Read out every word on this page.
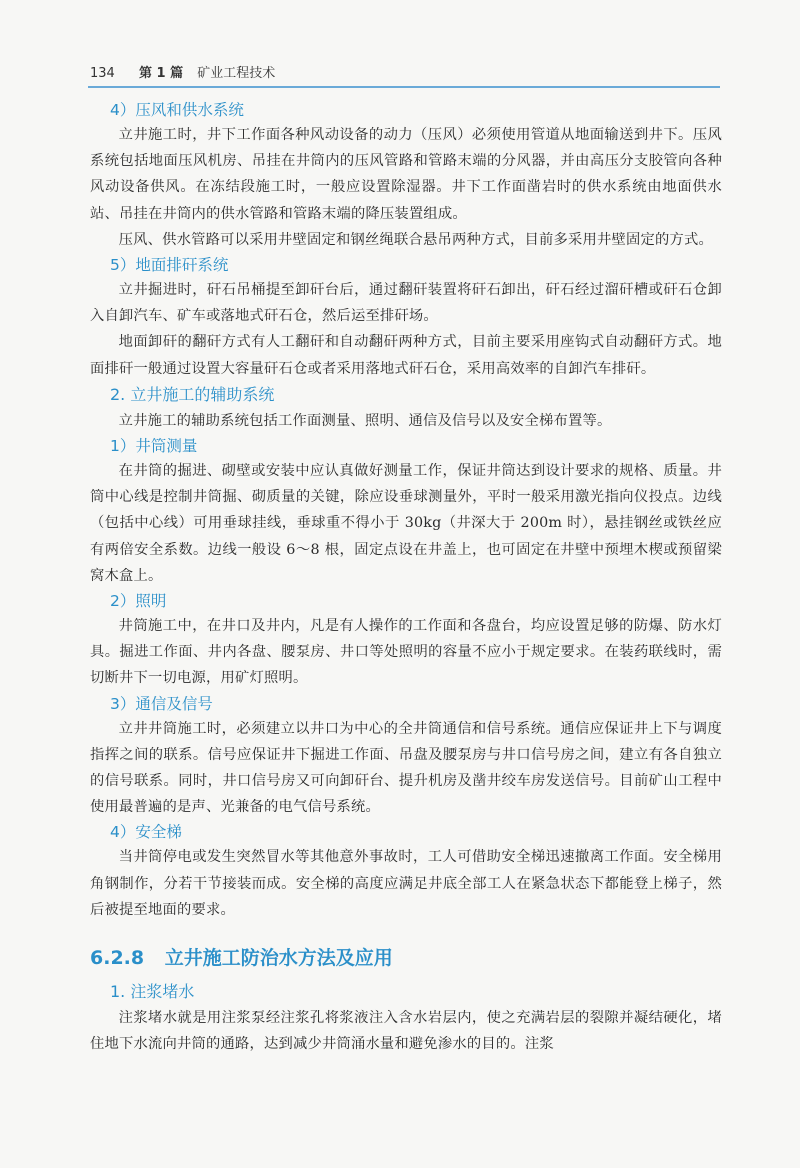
134 第 1 篇 矿业工程技术
4）压风和供水系统

立井施工时，井下工作面各种风动设备的动力（压风）必须使用管道从地面输送到井下。压风系统包括地面压风机房、吊挂在井筒内的压风管路和管路末端的分风器，并由高压分支胶管向各种风动设备供风。在冻结段施工时，一般应设置除湿器。井下工作面凿岩时的供水系统由地面供水站、吊挂在井筒内的供水管路和管路末端的降压装置组成。

压风、供水管路可以采用井壁固定和钢丝绳联合悬吊两种方式，目前多采用井壁固定的方式。

5）地面排矸系统

立井掘进时，矸石吊桶提至卸矸台后，通过翻矸装置将矸石卸出，矸石经过溜矸槽或矸石仓卸入自卸汽车、矿车或落地式矸石仓，然后运至排矸场。

地面卸矸的翻矸方式有人工翻矸和自动翻矸两种方式，目前主要采用座钩式自动翻矸方式。地面排矸一般通过设置大容量矸石仓或者采用落地式矸石仓，采用高效率的自卸汽车排矸。

2. 立井施工的辅助系统

立井施工的辅助系统包括工作面测量、照明、通信及信号以及安全梯布置等。

1）井筒测量

在井筒的掘进、砌壁或安装中应认真做好测量工作，保证井筒达到设计要求的规格、质量。井筒中心线是控制井筒掘、砌质量的关键，除应设垂球测量外，平时一般采用激光指向仪投点。边线（包括中心线）可用垂球挂线，垂球重不得小于 30kg（井深大于 200m 时），悬挂钢丝或铁丝应有两倍安全系数。边线一般设 6～8 根，固定点设在井盖上，也可固定在井壁中预埋木楔或预留梁窝木盒上。

2）照明

井筒施工中，在井口及井内，凡是有人操作的工作面和各盘台，均应设置足够的防爆、防水灯具。掘进工作面、井内各盘、腰泵房、井口等处照明的容量不应小于规定要求。在装药联线时，需切断井下一切电源，用矿灯照明。

3）通信及信号

立井井筒施工时，必须建立以井口为中心的全井筒通信和信号系统。通信应保证井上下与调度指挥之间的联系。信号应保证井下掘进工作面、吊盘及腰泵房与井口信号房之间，建立有各自独立的信号联系。同时，井口信号房又可向卸矸台、提升机房及凿井绞车房发送信号。目前矿山工程中使用最普遍的是声、光兼备的电气信号系统。

4）安全梯

当井筒停电或发生突然冒水等其他意外事故时，工人可借助安全梯迅速撤离工作面。安全梯用角钢制作，分若干节接装而成。安全梯的高度应满足井底全部工人在紧急状态下都能登上梯子，然后被提至地面的要求。

6.2.8 立井施工防治水方法及应用
1. 注浆堵水

注浆堵水就是用注浆泵经注浆孔将浆液注入含水岩层内，使之充满岩层的裂隙并凝结硬化，堵住地下水流向井筒的通路，达到减少井筒涌水量和避免渗水的目的。注浆
